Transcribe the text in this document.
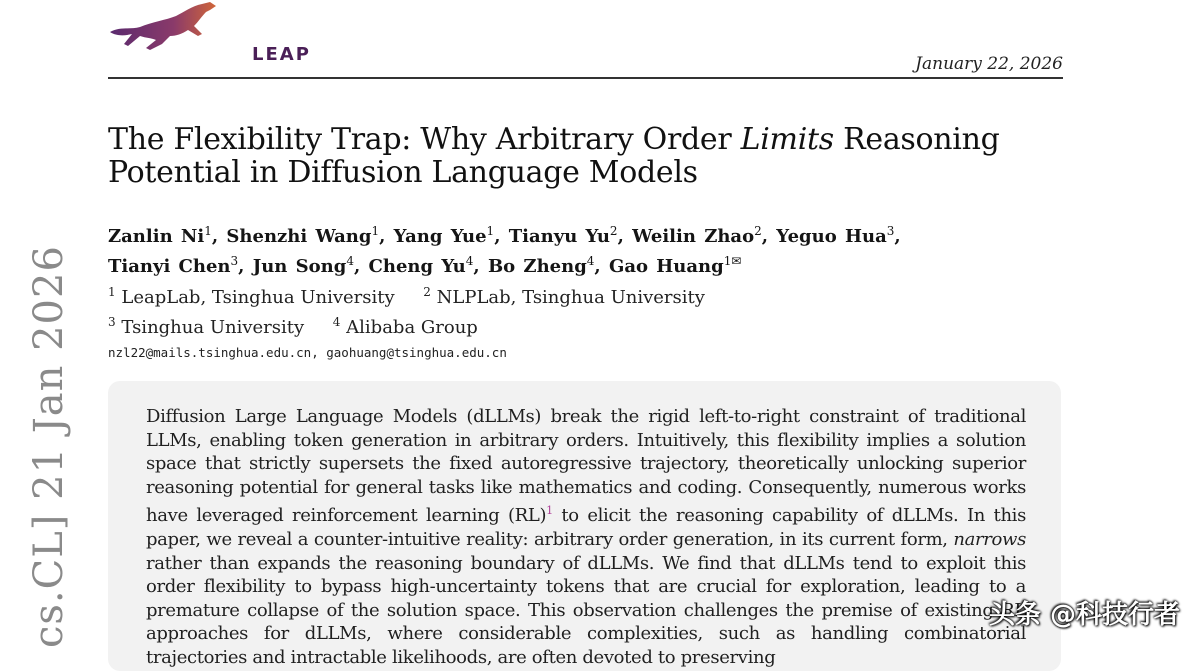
LEAP	January 22, 2026
The Flexibility Trap: Why Arbitrary Order Limits Reasoning
Potential in Diffusion Language Models
Zanlin Ni$^1$, Shenzhi Wang$^1$, Yang Yue$^1$, Tianyu Yu$^2$, Weilin Zhao$^2$, Yeguo Hua$^3$,
Tianyi Chen$^3$, Jun Song$^4$, Cheng Yu$^4$, Bo Zheng$^4$, Gao Huang$^{1✉}$
$^1$ LeapLab, Tsinghua University $^2$ NLPLab, Tsinghua University
$^3$ Tsinghua University $^4$ Alibaba Group
nzl22@mails.tsinghua.edu.cn, gaohuang@tsinghua.edu.cn

Diffusion Large Language Models (dLLMs) break the rigid left-to-right constraint of traditional LLMs, enabling token generation in arbitrary orders. Intuitively, this flexibility implies a solution space that strictly supersets the fixed autoregressive trajectory, theoretically unlocking superior reasoning potential for general tasks like mathematics and coding. Consequently, numerous works have leveraged reinforcement learning (RL)$^1$ to elicit the reasoning capability of dLLMs. In this paper, we reveal a counter-intuitive reality: arbitrary order generation, in its current form, narrows rather than expands the reasoning boundary of dLLMs. We find that dLLMs tend to exploit this order flexibility to bypass high-uncertainty tokens that are crucial for exploration, leading to a premature collapse of the solution space. This observation challenges the premise of existing RL approaches for dLLMs, where considerable complexities, such as handling combinatorial trajectories and intractable likelihoods, are often devoted to preserving

cs.CL] 21 Jan 2026	头条 @科技行者
